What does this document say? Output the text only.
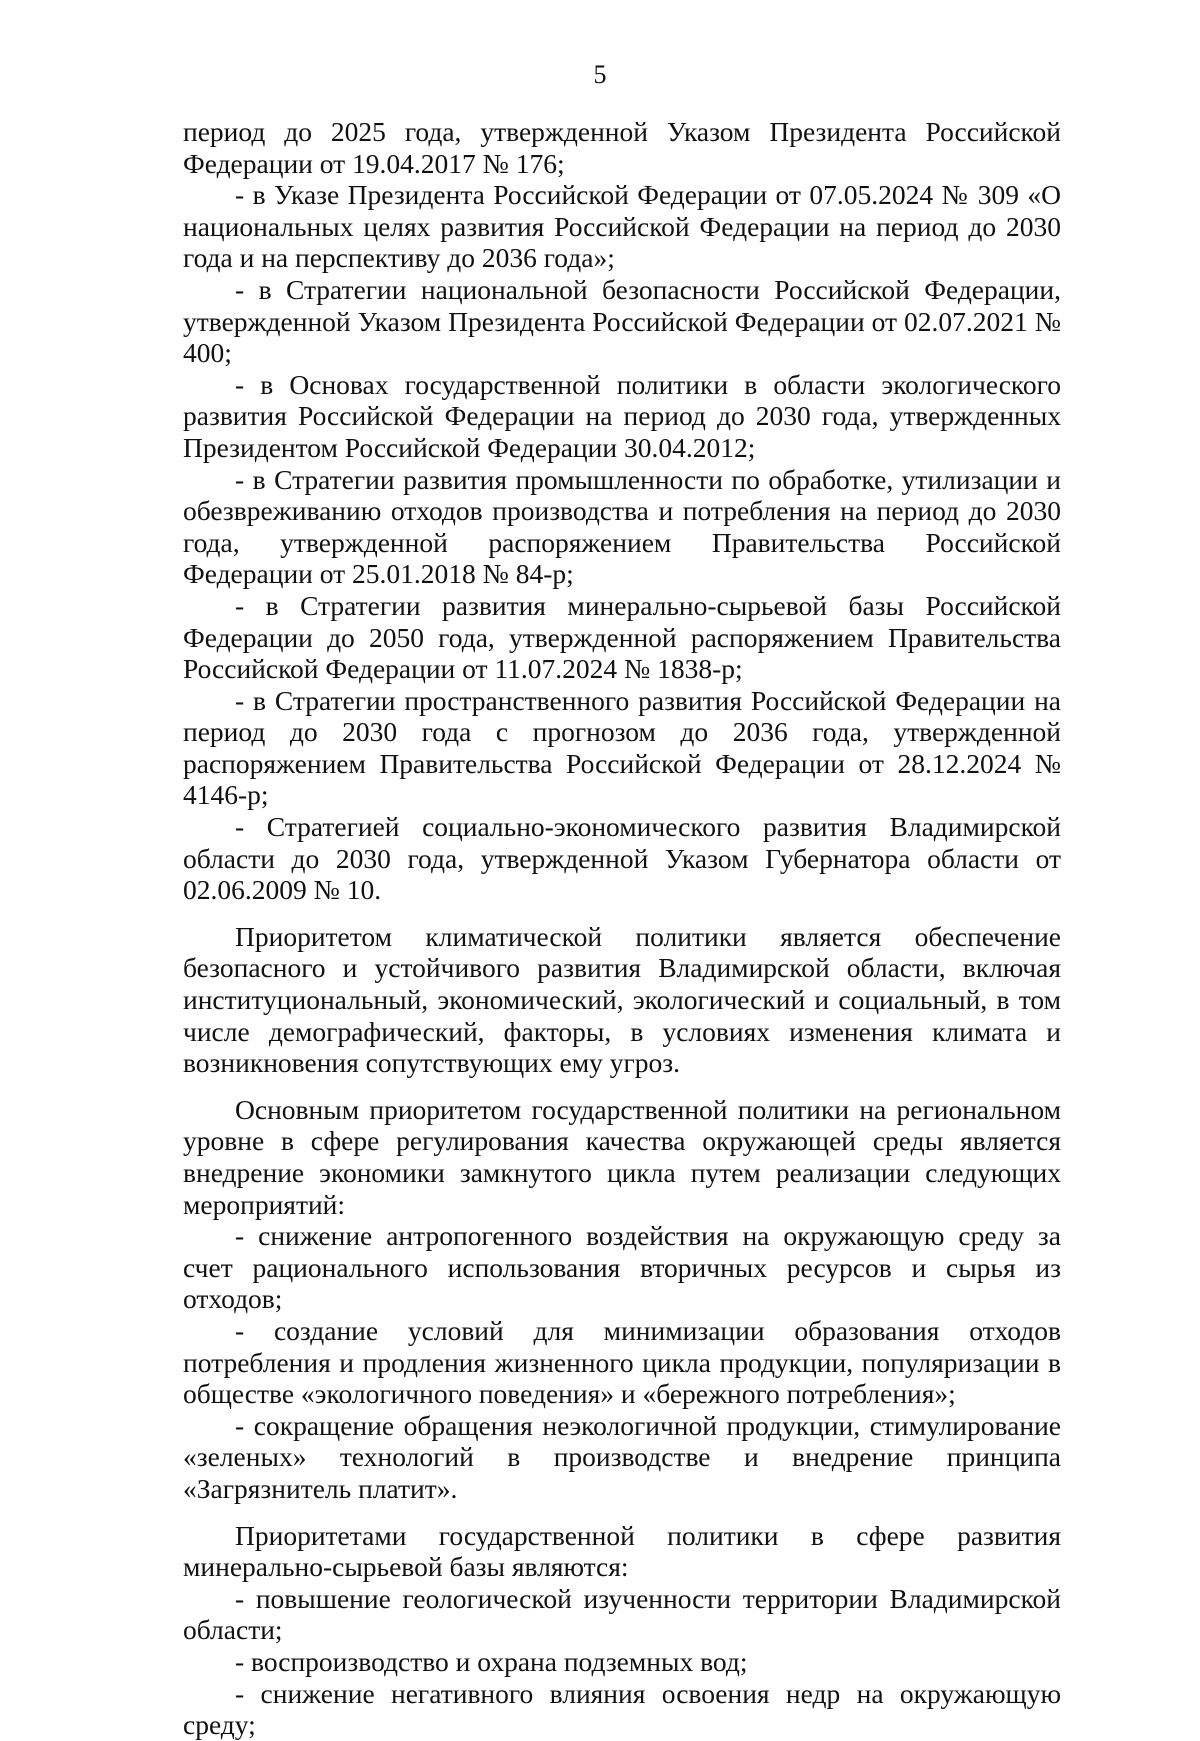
5

период до 2025 года, утвержденной Указом Президента Российской Федерации от 19.04.2017 № 176;

- в Указе Президента Российской Федерации от 07.05.2024 № 309 «О национальных целях развития Российской Федерации на период до 2030 года и на перспективу до 2036 года»;

- в Стратегии национальной безопасности Российской Федерации, утвержденной Указом Президента Российской Федерации от 02.07.2021 № 400;

- в Основах государственной политики в области экологического развития Российской Федерации на период до 2030 года, утвержденных Президентом Российской Федерации 30.04.2012;

- в Стратегии развития промышленности по обработке, утилизации и обезвреживанию отходов производства и потребления на период до 2030 года, утвержденной распоряжением Правительства Российской Федерации от 25.01.2018 № 84-р;

- в Стратегии развития минерально-сырьевой базы Российской Федерации до 2050 года, утвержденной распоряжением Правительства Российской Федерации от 11.07.2024 № 1838-р;

- в Стратегии пространственного развития Российской Федерации на период до 2030 года с прогнозом до 2036 года, утвержденной распоряжением Правительства Российской Федерации от 28.12.2024 № 4146-р;

- Стратегией социально-экономического развития Владимирской области до 2030 года, утвержденной Указом Губернатора области от 02.06.2009 № 10.

Приоритетом климатической политики является обеспечение безопасного и устойчивого развития Владимирской области, включая институциональный, экономический, экологический и социальный, в том числе демографический, факторы, в условиях изменения климата и возникновения сопутствующих ему угроз.

Основным приоритетом государственной политики на региональном уровне в сфере регулирования качества окружающей среды является внедрение экономики замкнутого цикла путем реализации следующих мероприятий:

- снижение антропогенного воздействия на окружающую среду за счет рационального использования вторичных ресурсов и сырья из отходов;

- создание условий для минимизации образования отходов потребления и продления жизненного цикла продукции, популяризации в обществе «экологичного поведения» и «бережного потребления»;

- сокращение обращения неэкологичной продукции, стимулирование «зеленых» технологий в производстве и внедрение принципа «Загрязнитель платит».

Приоритетами государственной политики в сфере развития минерально-сырьевой базы являются:

- повышение геологической изученности территории Владимирской области;

- воспроизводство и охрана подземных вод;

- снижение негативного влияния освоения недр на окружающую среду;
